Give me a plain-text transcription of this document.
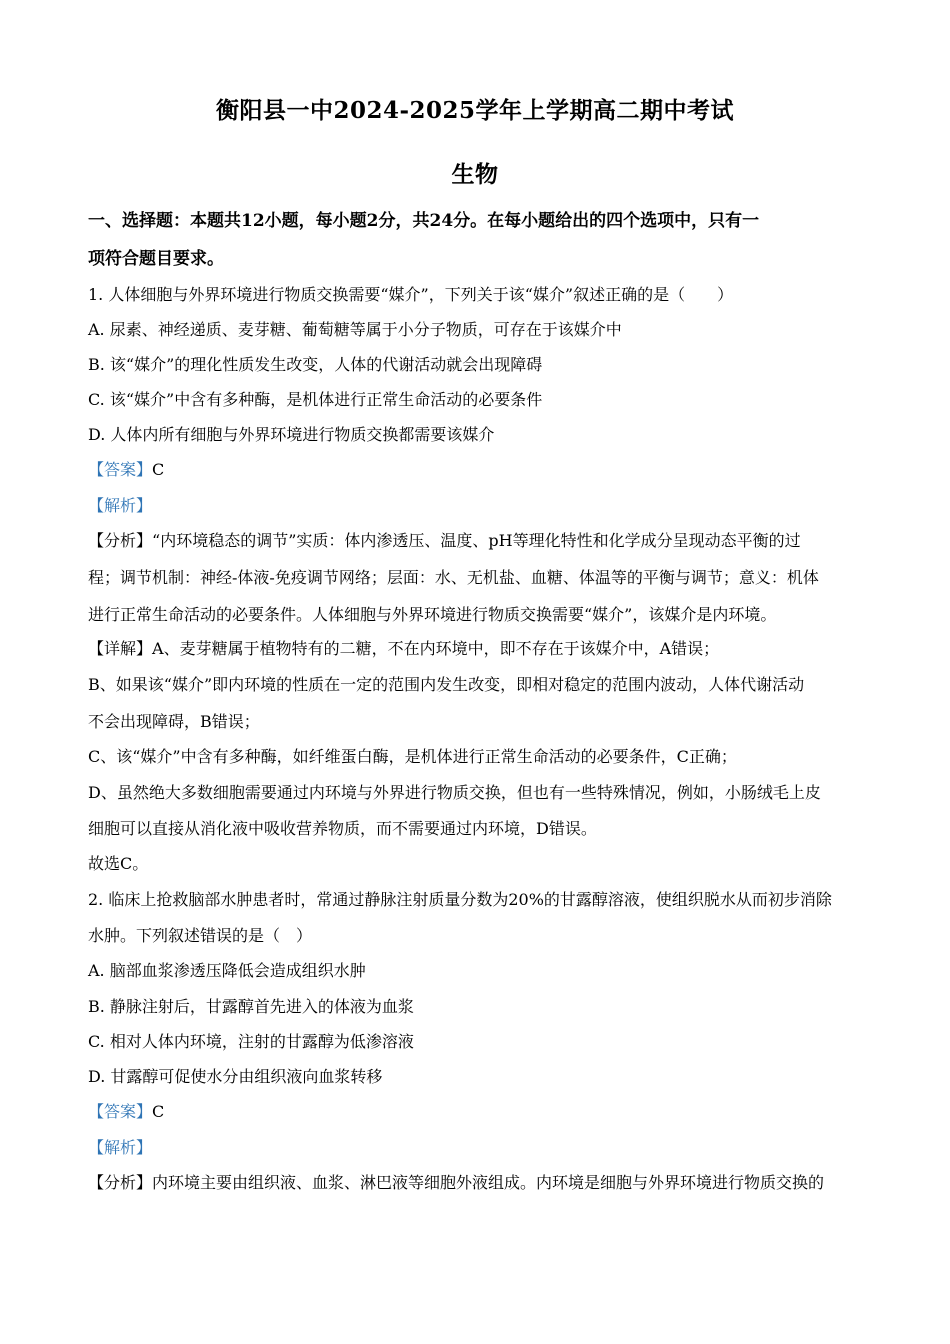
衡阳县一中2024-2025学年上学期高二期中考试
生物
一、选择题：本题共12小题，每小题2分，共24分。在每小题给出的四个选项中，只有一
项符合题目要求。
1. 人体细胞与外界环境进行物质交换需要“媒介”，下列关于该“媒介”叙述正确的是（　　）
A. 尿素、神经递质、麦芽糖、葡萄糖等属于小分子物质，可存在于该媒介中
B. 该“媒介”的理化性质发生改变，人体的代谢活动就会出现障碍
C. 该“媒介”中含有多种酶，是机体进行正常生命活动的必要条件
D. 人体内所有细胞与外界环境进行物质交换都需要该媒介
【答案】C
【解析】
【分析】“内环境稳态的调节”实质：体内渗透压、温度、pH等理化特性和化学成分呈现动态平衡的过
程；调节机制：神经-体液-免疫调节网络；层面：水、无机盐、血糖、体温等的平衡与调节；意义：机体
进行正常生命活动的必要条件。人体细胞与外界环境进行物质交换需要“媒介”，该媒介是内环境。
【详解】A、麦芽糖属于植物特有的二糖，不在内环境中，即不存在于该媒介中，A错误；
B、如果该“媒介”即内环境的性质在一定的范围内发生改变，即相对稳定的范围内波动，人体代谢活动
不会出现障碍，B错误；
C、该“媒介”中含有多种酶，如纤维蛋白酶，是机体进行正常生命活动的必要条件，C正确；
D、虽然绝大多数细胞需要通过内环境与外界进行物质交换，但也有一些特殊情况，例如，小肠绒毛上皮
细胞可以直接从消化液中吸收营养物质，而不需要通过内环境，D错误。
故选C。
2. 临床上抢救脑部水肿患者时，常通过静脉注射质量分数为20%的甘露醇溶液，使组织脱水从而初步消除
水肿。下列叙述错误的是（　）
A. 脑部血浆渗透压降低会造成组织水肿
B. 静脉注射后，甘露醇首先进入的体液为血浆
C. 相对人体内环境，注射的甘露醇为低渗溶液
D. 甘露醇可促使水分由组织液向血浆转移
【答案】C
【解析】
【分析】内环境主要由组织液、血浆、淋巴液等细胞外液组成。内环境是细胞与外界环境进行物质交换的
